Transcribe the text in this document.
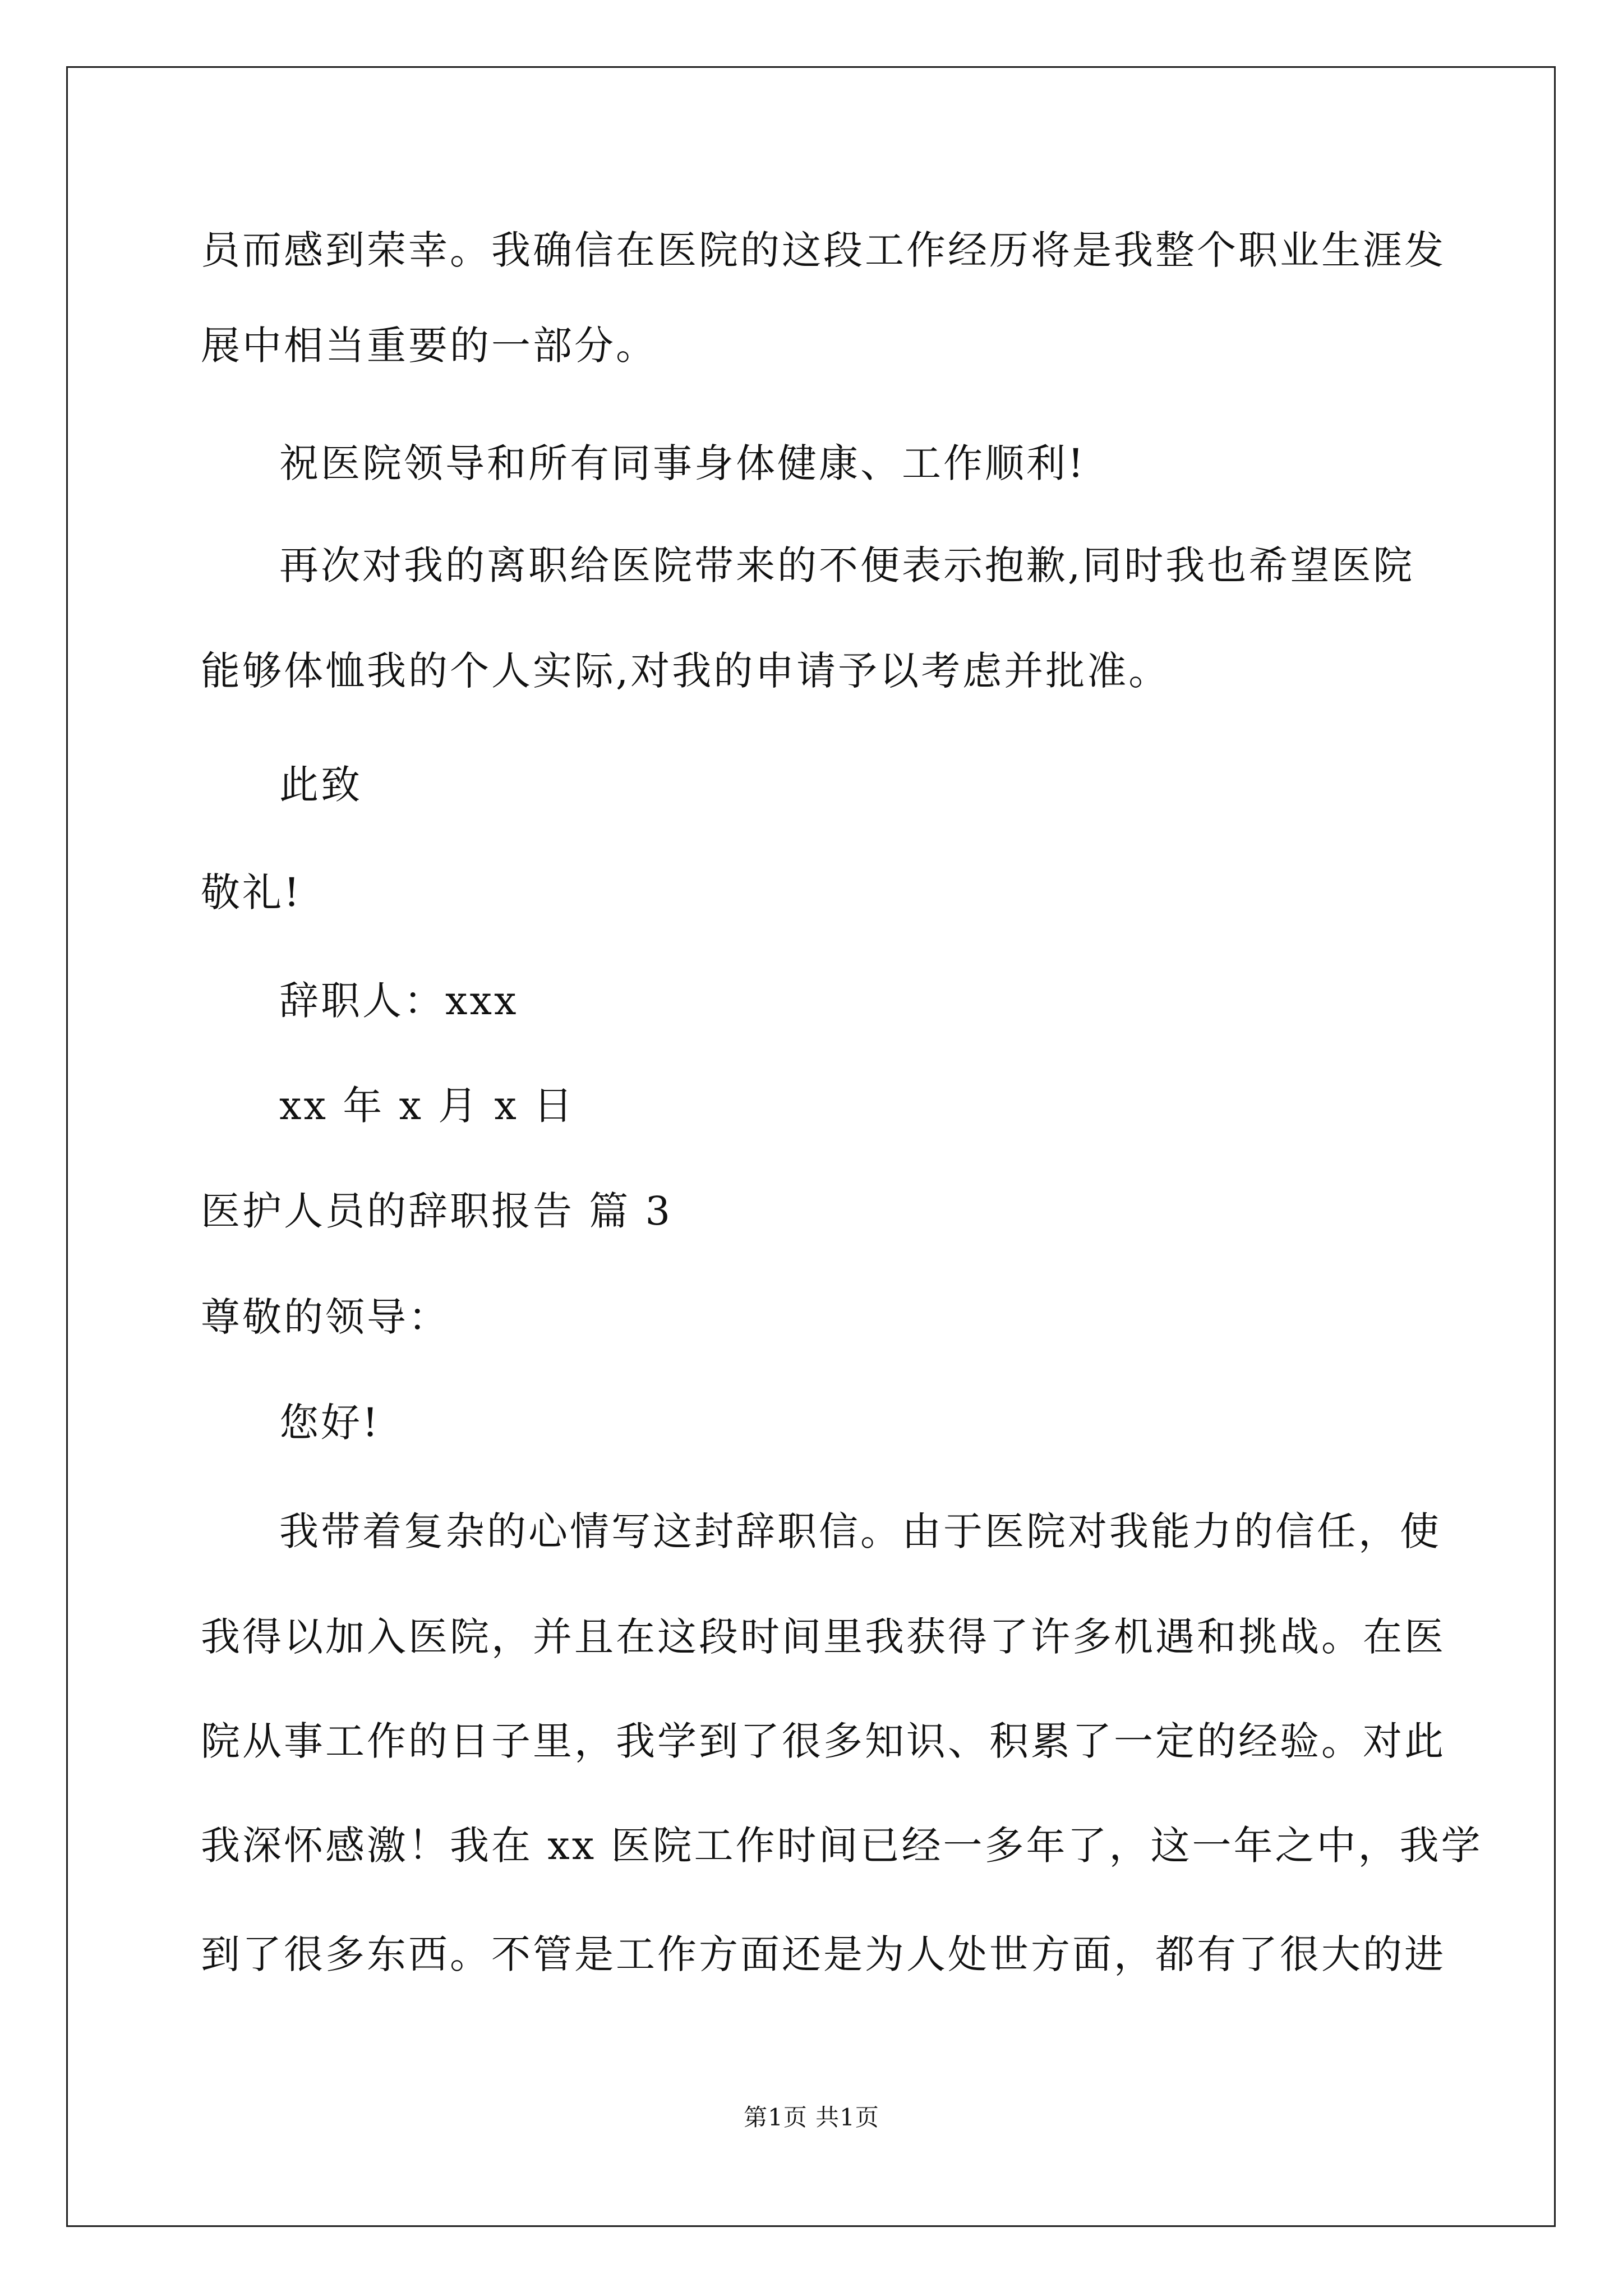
员而感到荣幸。我确信在医院的这段工作经历将是我整个职业生涯发
展中相当重要的一部分。
祝医院领导和所有同事身体健康、工作顺利!
再次对我的离职给医院带来的不便表示抱歉,同时我也希望医院
能够体恤我的个人实际,对我的申请予以考虑并批准。
此致
敬礼!
辞职人：xxx
xx 年 x 月 x 日
医护人员的辞职报告 篇 3
尊敬的领导：
您好!
我带着复杂的心情写这封辞职信。由于医院对我能力的信任，使
我得以加入医院，并且在这段时间里我获得了许多机遇和挑战。在医
院从事工作的日子里，我学到了很多知识、积累了一定的经验。对此
我深怀感激！我在 xx 医院工作时间已经一多年了，这一年之中，我学
到了很多东西。不管是工作方面还是为人处世方面，都有了很大的进
第1页 共1页
